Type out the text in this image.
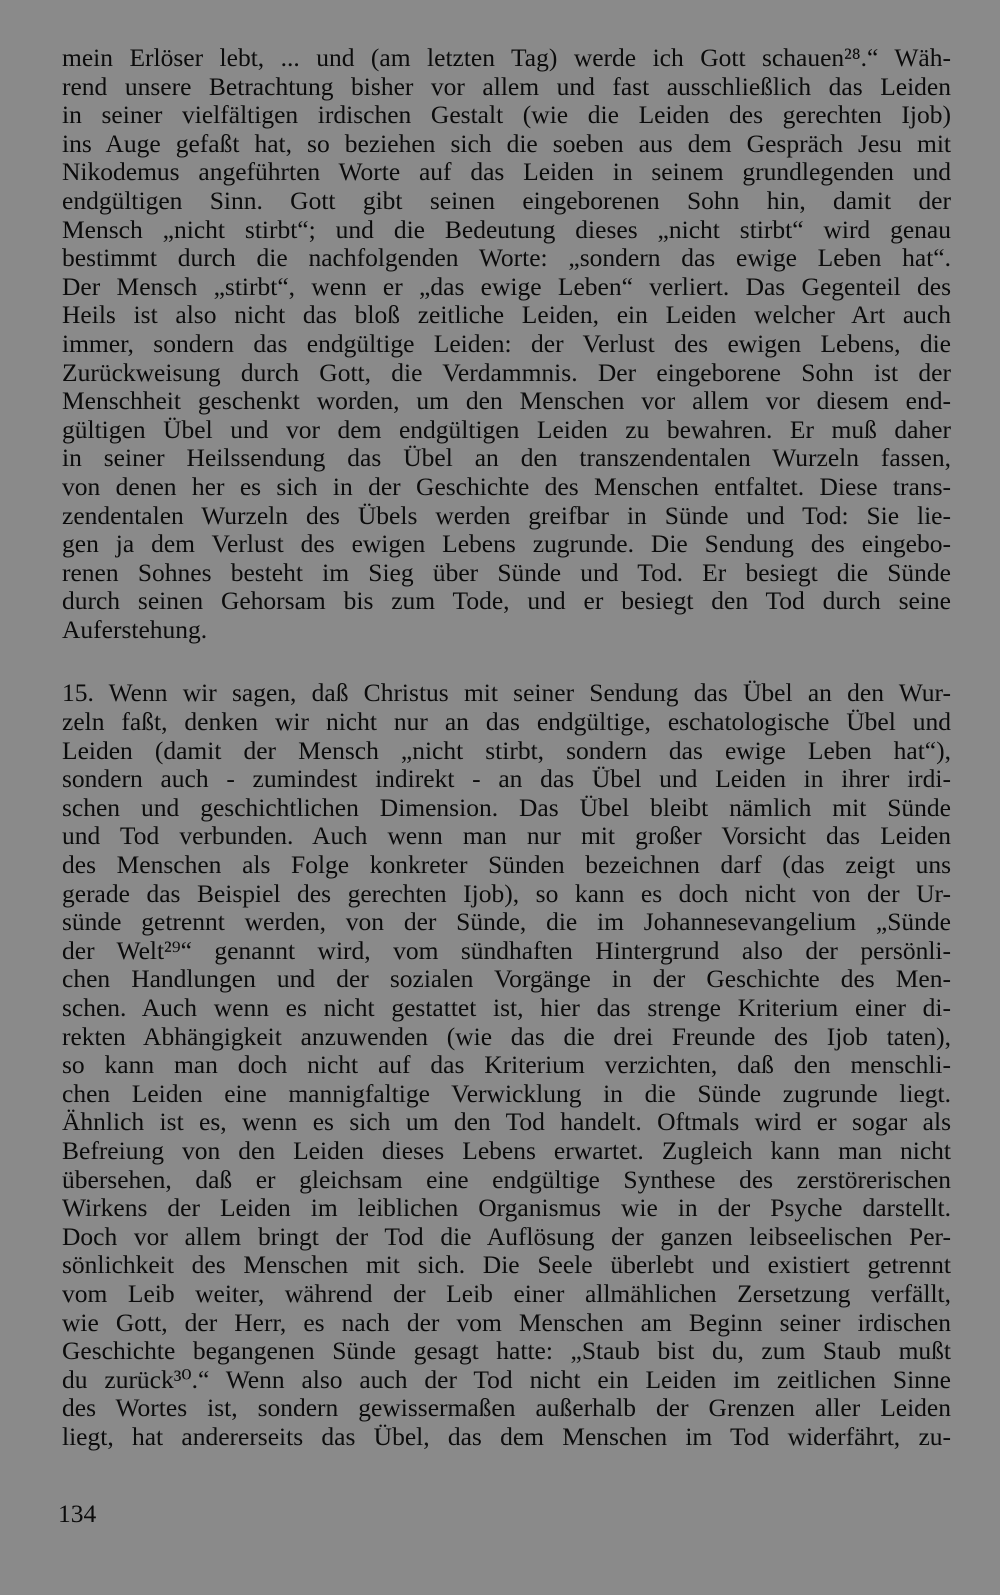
mein Erlöser lebt, ... und (am letzten Tag) werde ich Gott schauen²⁸.“ Wäh-

rend unsere Betrachtung bisher vor allem und fast ausschließlich das Leiden

in seiner vielfältigen irdischen Gestalt (wie die Leiden des gerechten Ijob)

ins Auge gefaßt hat, so beziehen sich die soeben aus dem Gespräch Jesu mit

Nikodemus angeführten Worte auf das Leiden in seinem grundlegenden und

endgültigen Sinn. Gott gibt seinen eingeborenen Sohn hin, damit der

Mensch „nicht stirbt“; und die Bedeutung dieses „nicht stirbt“ wird genau

bestimmt durch die nachfolgenden Worte: „sondern das ewige Leben hat“.

Der Mensch „stirbt“, wenn er „das ewige Leben“ verliert. Das Gegenteil des

Heils ist also nicht das bloß zeitliche Leiden, ein Leiden welcher Art auch

immer, sondern das endgültige Leiden: der Verlust des ewigen Lebens, die

Zurückweisung durch Gott, die Verdammnis. Der eingeborene Sohn ist der

Menschheit geschenkt worden, um den Menschen vor allem vor diesem end-

gültigen Übel und vor dem endgültigen Leiden zu bewahren. Er muß daher

in seiner Heilssendung das Übel an den transzendentalen Wurzeln fassen,

von denen her es sich in der Geschichte des Menschen entfaltet. Diese trans-

zendentalen Wurzeln des Übels werden greifbar in Sünde und Tod: Sie lie-

gen ja dem Verlust des ewigen Lebens zugrunde. Die Sendung des eingebo-

renen Sohnes besteht im Sieg über Sünde und Tod. Er besiegt die Sünde

durch seinen Gehorsam bis zum Tode, und er besiegt den Tod durch seine

Auferstehung.

15. Wenn wir sagen, daß Christus mit seiner Sendung das Übel an den Wur-

zeln faßt, denken wir nicht nur an das endgültige, eschatologische Übel und

Leiden (damit der Mensch „nicht stirbt, sondern das ewige Leben hat“),

sondern auch - zumindest indirekt - an das Übel und Leiden in ihrer irdi-

schen und geschichtlichen Dimension. Das Übel bleibt nämlich mit Sünde

und Tod verbunden. Auch wenn man nur mit großer Vorsicht das Leiden

des Menschen als Folge konkreter Sünden bezeichnen darf (das zeigt uns

gerade das Beispiel des gerechten Ijob), so kann es doch nicht von der Ur-

sünde getrennt werden, von der Sünde, die im Johannesevangelium „Sünde

der Welt²⁹“ genannt wird, vom sündhaften Hintergrund also der persönli-

chen Handlungen und der sozialen Vorgänge in der Geschichte des Men-

schen. Auch wenn es nicht gestattet ist, hier das strenge Kriterium einer di-

rekten Abhängigkeit anzuwenden (wie das die drei Freunde des Ijob taten),

so kann man doch nicht auf das Kriterium verzichten, daß den menschli-

chen Leiden eine mannigfaltige Verwicklung in die Sünde zugrunde liegt.

Ähnlich ist es, wenn es sich um den Tod handelt. Oftmals wird er sogar als

Befreiung von den Leiden dieses Lebens erwartet. Zugleich kann man nicht

übersehen, daß er gleichsam eine endgültige Synthese des zerstörerischen

Wirkens der Leiden im leiblichen Organismus wie in der Psyche darstellt.

Doch vor allem bringt der Tod die Auflösung der ganzen leibseelischen Per-

sönlichkeit des Menschen mit sich. Die Seele überlebt und existiert getrennt

vom Leib weiter, während der Leib einer allmählichen Zersetzung verfällt,

wie Gott, der Herr, es nach der vom Menschen am Beginn seiner irdischen

Geschichte begangenen Sünde gesagt hatte: „Staub bist du, zum Staub mußt

du zurück³⁰.“ Wenn also auch der Tod nicht ein Leiden im zeitlichen Sinne

des Wortes ist, sondern gewissermaßen außerhalb der Grenzen aller Leiden

liegt, hat andererseits das Übel, das dem Menschen im Tod widerfährt, zu-

134
